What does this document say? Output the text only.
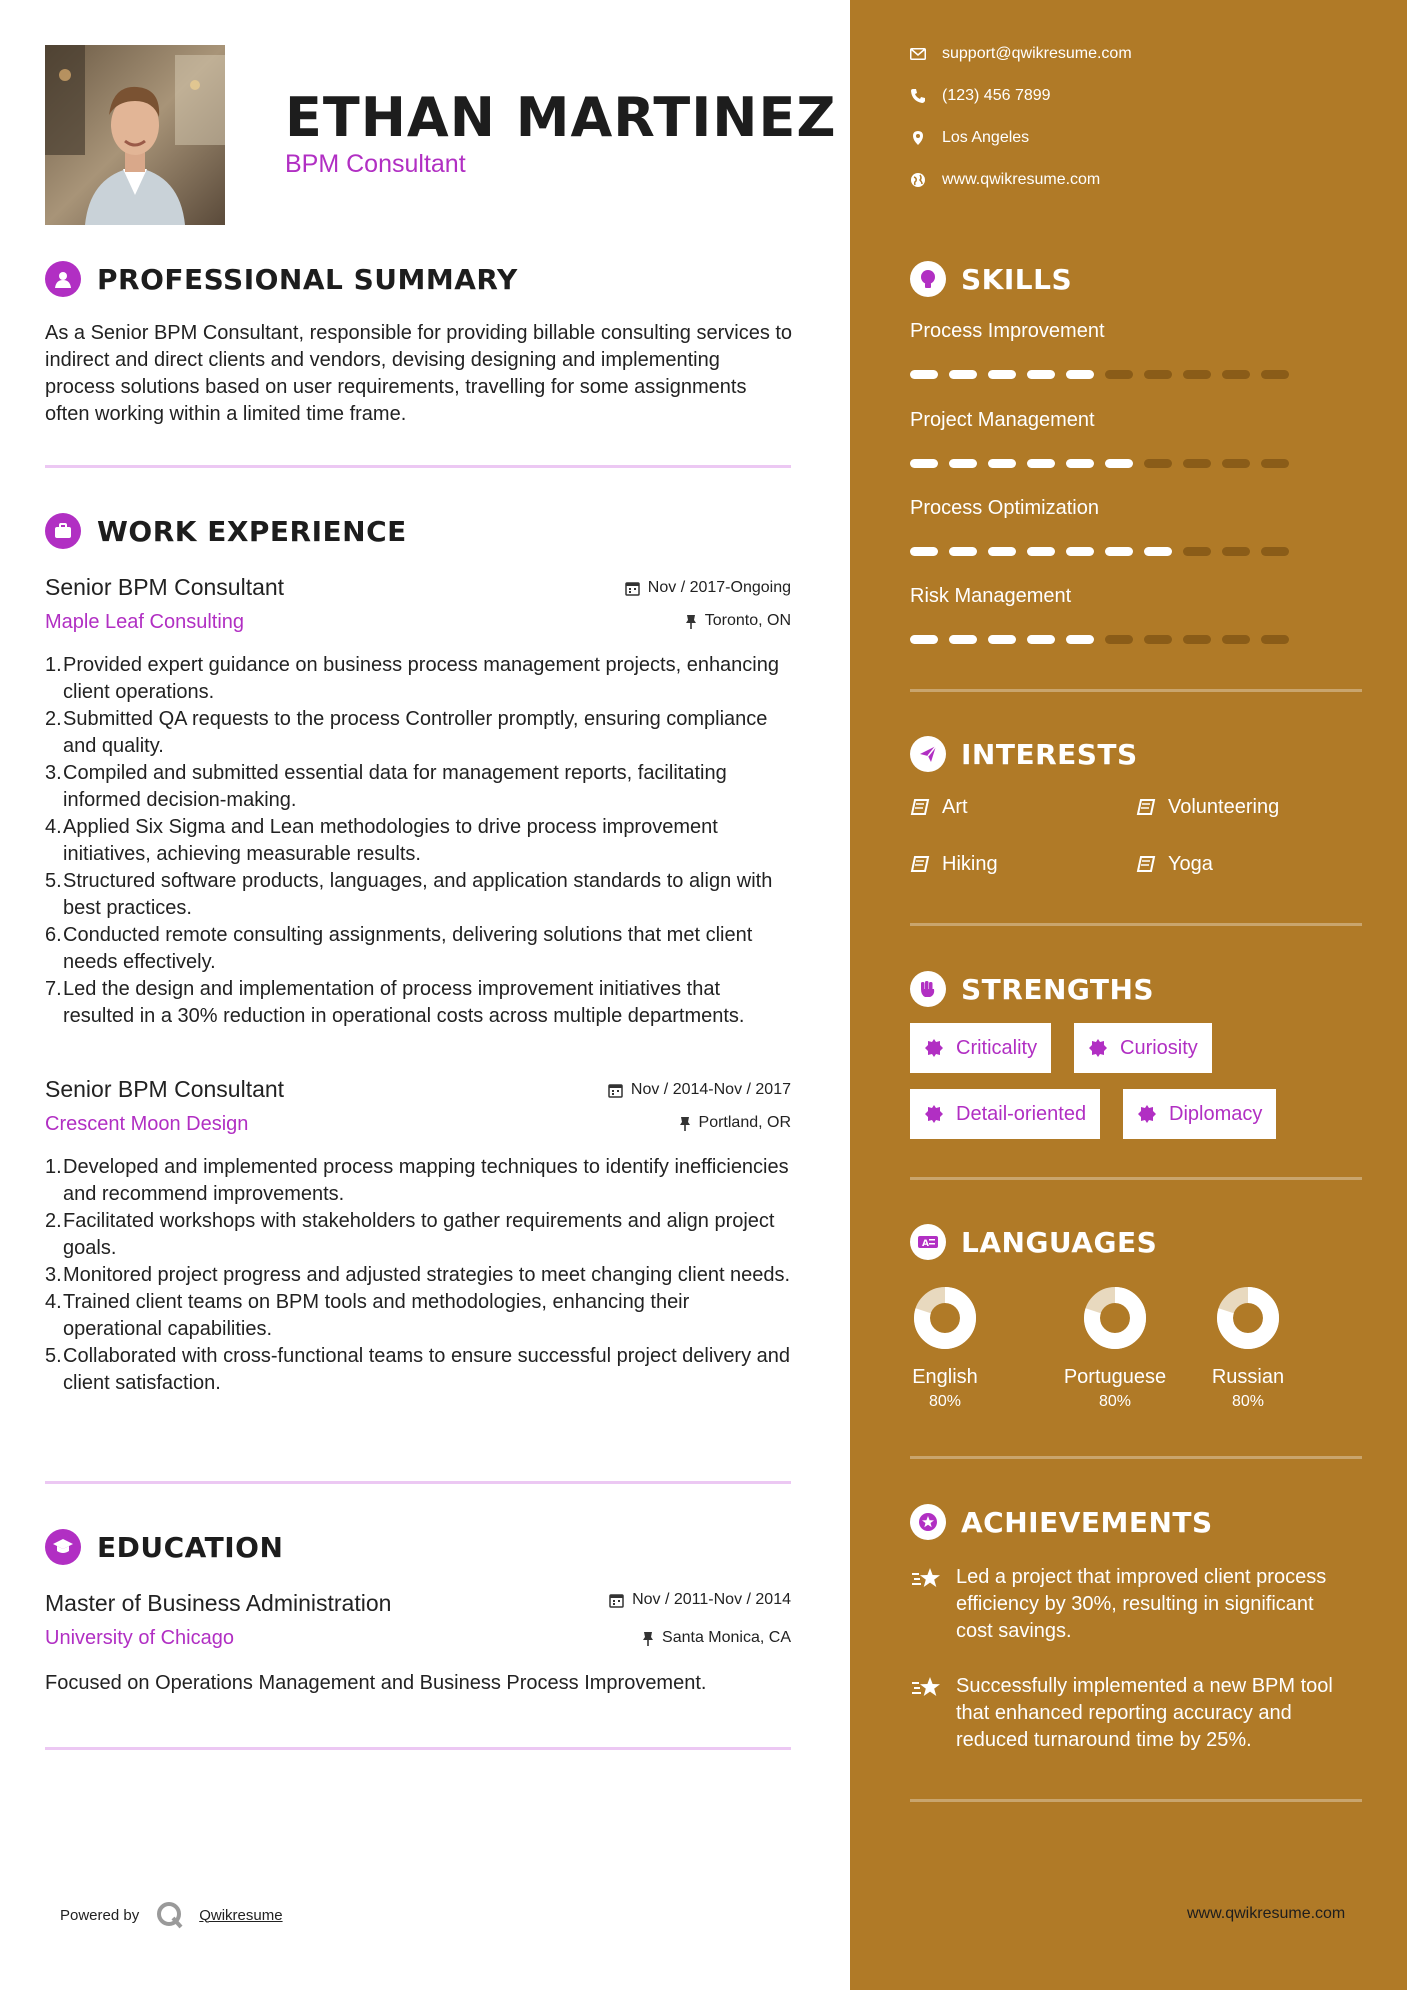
ETHAN MARTINEZ
BPM Consultant
PROFESSIONAL SUMMARY
As a Senior BPM Consultant, responsible for providing billable consulting services to indirect and direct clients and vendors, devising designing and implementing process solutions based on user requirements, travelling for some assignments often working within a limited time frame.
WORK EXPERIENCE
Senior BPM Consultant
Maple Leaf Consulting
Nov / 2017-Ongoing
Toronto, ON
1. Provided expert guidance on business process management projects, enhancing client operations.
2. Submitted QA requests to the process Controller promptly, ensuring compliance and quality.
3. Compiled and submitted essential data for management reports, facilitating informed decision-making.
4. Applied Six Sigma and Lean methodologies to drive process improvement initiatives, achieving measurable results.
5. Structured software products, languages, and application standards to align with best practices.
6. Conducted remote consulting assignments, delivering solutions that met client needs effectively.
7. Led the design and implementation of process improvement initiatives that resulted in a 30% reduction in operational costs across multiple departments.
Senior BPM Consultant
Crescent Moon Design
Nov / 2014-Nov / 2017
Portland, OR
1. Developed and implemented process mapping techniques to identify inefficiencies and recommend improvements.
2. Facilitated workshops with stakeholders to gather requirements and align project goals.
3. Monitored project progress and adjusted strategies to meet changing client needs.
4. Trained client teams on BPM tools and methodologies, enhancing their operational capabilities.
5. Collaborated with cross-functional teams to ensure successful project delivery and client satisfaction.
EDUCATION
Master of Business Administration
University of Chicago
Nov / 2011-Nov / 2014
Santa Monica, CA
Focused on Operations Management and Business Process Improvement.
Powered by	Qwikresume
support@qwikresume.com
(123) 456 7899
Los Angeles
www.qwikresume.com
SKILLS
Process Improvement
Project Management
Process Optimization
Risk Management
INTERESTS
Art	Volunteering
Hiking	Yoga
STRENGTHS
Criticality	Curiosity
Detail-oriented	Diplomacy
A LANGUAGES
English
80%
Portuguese
80%
Russian
80%
ACHIEVEMENTS
Led a project that improved client process efficiency by 30%, resulting in significant cost savings.
Successfully implemented a new BPM tool that enhanced reporting accuracy and reduced turnaround time by 25%.
www.qwikresume.com
